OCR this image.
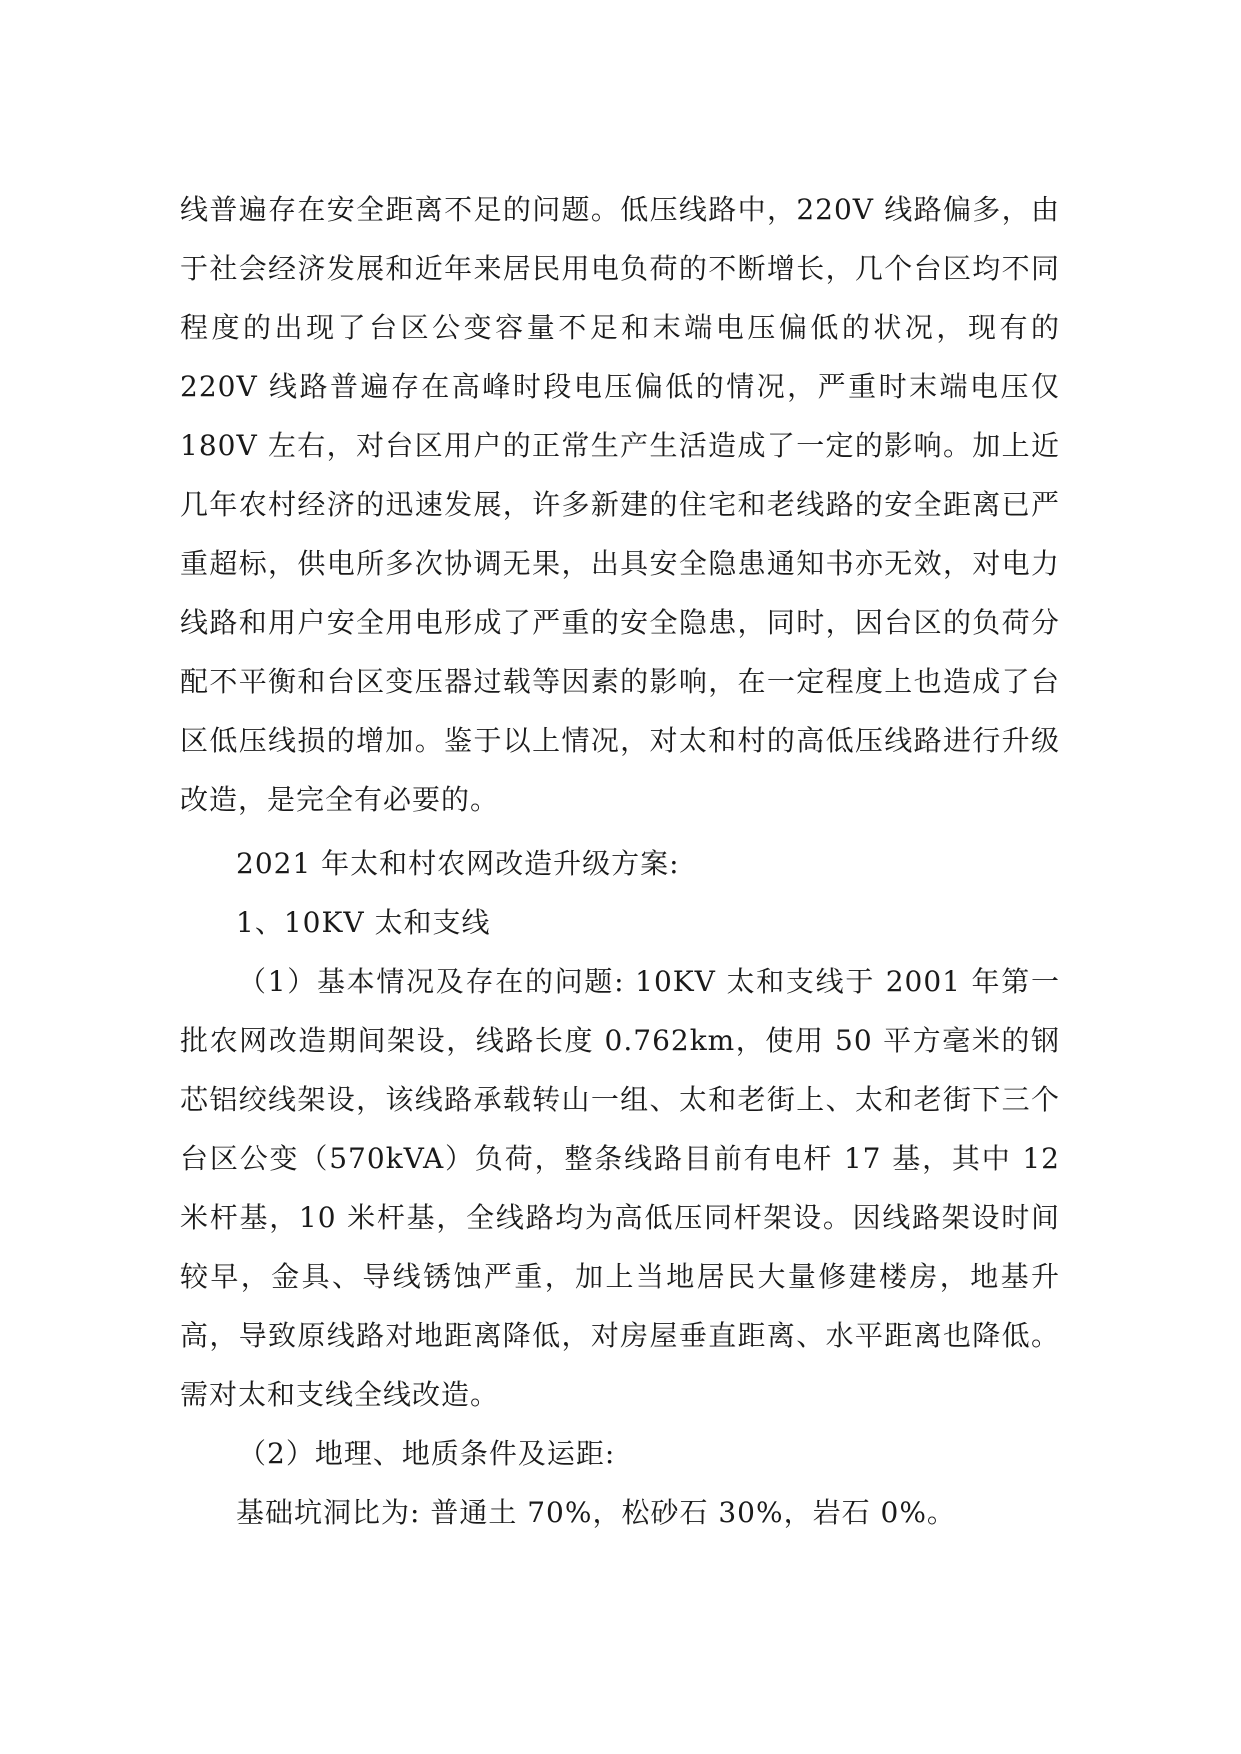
线普遍存在安全距离不足的问题。低压线路中，220V 线路偏多，由于社会经济发展和近年来居民用电负荷的不断增长，几个台区均不同程度的出现了台区公变容量不足和末端电压偏低的状况，现有的 220V 线路普遍存在高峰时段电压偏低的情况，严重时末端电压仅 180V 左右，对台区用户的正常生产生活造成了一定的影响。加上近几年农村经济的迅速发展，许多新建的住宅和老线路的安全距离已严重超标，供电所多次协调无果，出具安全隐患通知书亦无效，对电力线路和用户安全用电形成了严重的安全隐患，同时，因台区的负荷分配不平衡和台区变压器过载等因素的影响，在一定程度上也造成了台区低压线损的增加。鉴于以上情况，对太和村的高低压线路进行升级改造，是完全有必要的。

2021 年太和村农网改造升级方案:

1、10KV 太和支线

（1）基本情况及存在的问题: 10KV 太和支线于 2001 年第一批农网改造期间架设，线路长度 0.762km，使用 50 平方毫米的钢芯铝绞线架设，该线路承载转山一组、太和老街上、太和老街下三个台区公变（570kVA）负荷，整条线路目前有电杆 17 基，其中 12 米杆基，10 米杆基，全线路均为高低压同杆架设。因线路架设时间较早，金具、导线锈蚀严重，加上当地居民大量修建楼房，地基升高，导致原线路对地距离降低，对房屋垂直距离、水平距离也降低。需对太和支线全线改造。

（2）地理、地质条件及运距:

基础坑洞比为: 普通土 70%，松砂石 30%，岩石 0%。
